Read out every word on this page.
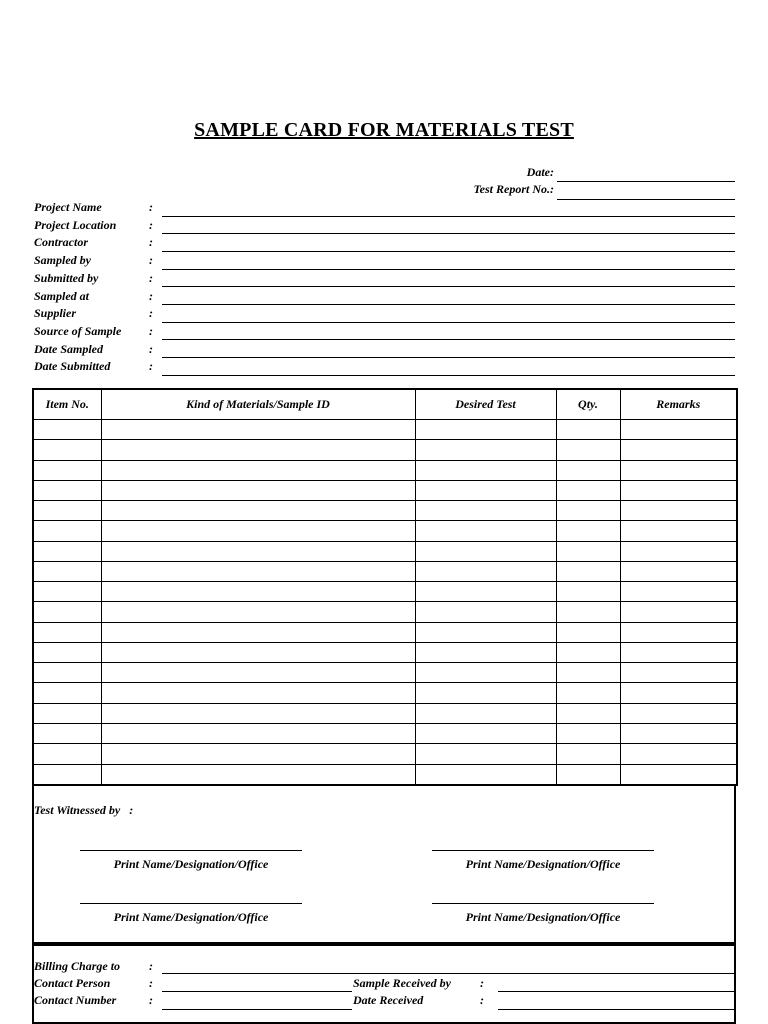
SAMPLE CARD FOR MATERIALS TEST
Date:
Test Report No.:
Project Name	:
Project Location	:
Contractor	:
Sampled by	:
Submitted by	:
Sampled at	:
Supplier	:
Source of Sample :
Date Sampled	:
Date Submitted	:
Item No.	Kind of Materials/Sample ID	Desired Test	Qty.	Remarks

Test Witnessed by :
Print Name/Designation/Office	Print Name/Designation/Office
Print Name/Designation/Office	Print Name/Designation/Office
Billing Charge to :
Contact Person	:	Sample Received by :
Contact Number	:	Date Received	:
